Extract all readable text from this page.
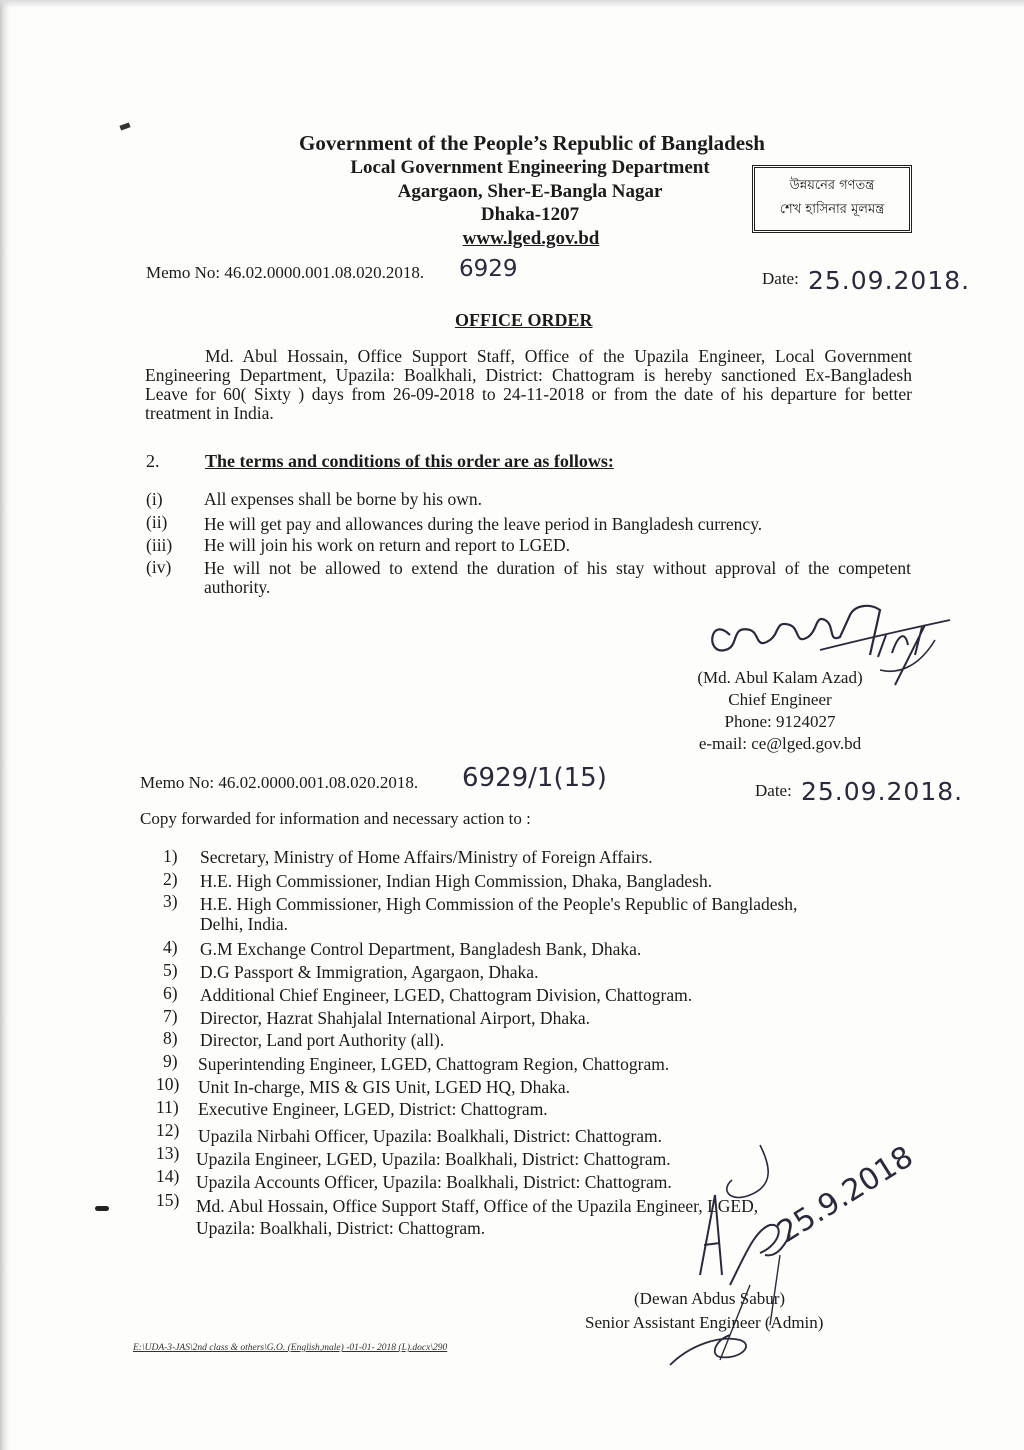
Government of the People’s Republic of Bangladesh
Local Government Engineering Department
Agargaon, Sher-E-Bangla Nagar
Dhaka-1207
www.lged.gov.bd
উন্নয়নের গণতন্ত্র
শেখ হাসিনার মূলমন্ত্র
Memo No: 46.02.0000.001.08.020.2018. 6929	Date: 25.09.2018.
OFFICE ORDER
Md. Abul Hossain, Office Support Staff, Office of the Upazila Engineer, Local Government Engineering Department, Upazila: Boalkhali, District: Chattogram is hereby sanctioned Ex-Bangladesh Leave for 60( Sixty ) days from 26-09-2018 to 24-11-2018 or from the date of his departure for better treatment in India.
2.	The terms and conditions of this order are as follows:
(i) All expenses shall be borne by his own.
(ii) He will get pay and allowances during the leave period in Bangladesh currency.
(iii) He will join his work on return and report to LGED.
(iv) He will not be allowed to extend the duration of his stay without approval of the competent authority.
(Md. Abul Kalam Azad)
Chief Engineer
Phone: 9124027
e-mail: ce@lged.gov.bd
Memo No: 46.02.0000.001.08.020.2018. 6929/1(15)	Date: 25.09.2018.
Copy forwarded for information and necessary action to :
1) Secretary, Ministry of Home Affairs/Ministry of Foreign Affairs.
2) H.E. High Commissioner, Indian High Commission, Dhaka, Bangladesh.
3) H.E. High Commissioner, High Commission of the People's Republic of Bangladesh,
Delhi, India.
4) G.M Exchange Control Department, Bangladesh Bank, Dhaka.
5) D.G Passport & Immigration, Agargaon, Dhaka.
6) Additional Chief Engineer, LGED, Chattogram Division, Chattogram.
7) Director, Hazrat Shahjalal International Airport, Dhaka.
8) Director, Land port Authority (all).
9) Superintending Engineer, LGED, Chattogram Region, Chattogram.
10) Unit In-charge, MIS & GIS Unit, LGED HQ, Dhaka.
11) Executive Engineer, LGED, District: Chattogram.
12) Upazila Nirbahi Officer, Upazila: Boalkhali, District: Chattogram.
13) Upazila Engineer, LGED, Upazila: Boalkhali, District: Chattogram.
14) Upazila Accounts Officer, Upazila: Boalkhali, District: Chattogram.
15) Md. Abul Hossain, Office Support Staff, Office of the Upazila Engineer, LGED,
Upazila: Boalkhali, District: Chattogram.	25.9.2018
(Dewan Abdus Sabur)
Senior Assistant Engineer (Admin)
E:\UDA-3-JAS\2nd class & others\G.O. (English,male) -01-01- 2018 (L).docx\290
